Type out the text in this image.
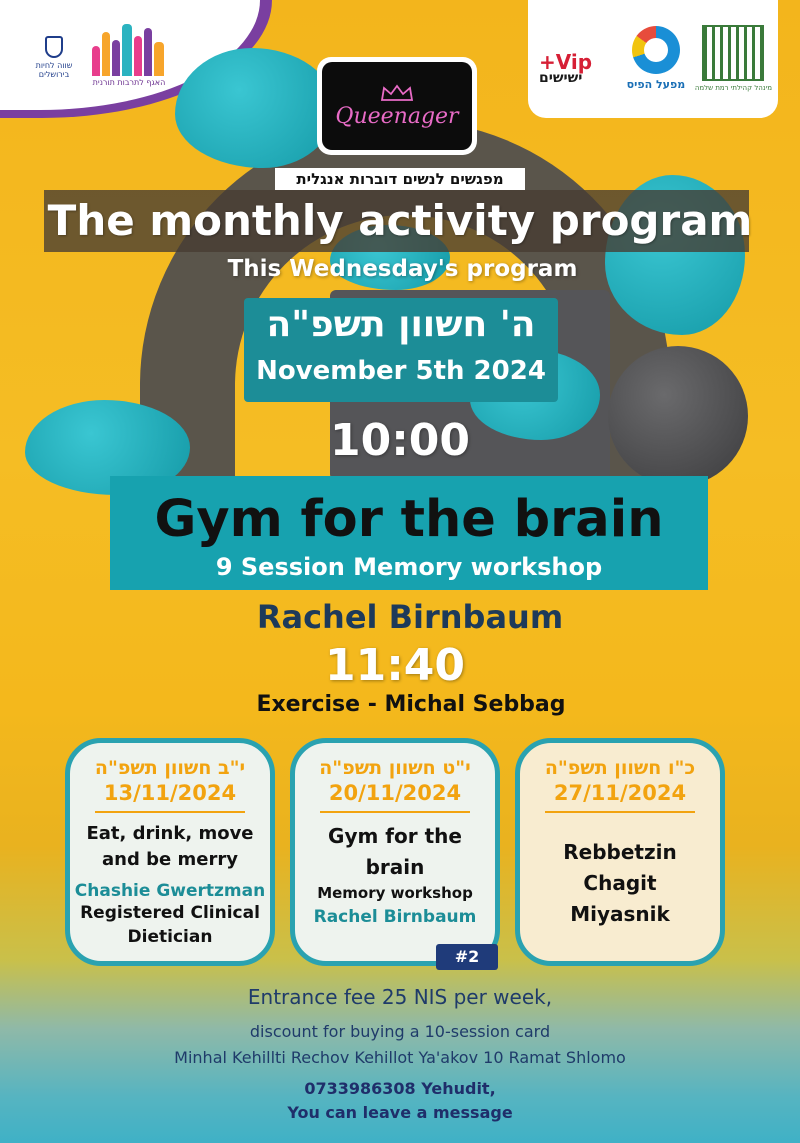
שווה לחיות בירושלים
האגף לתרבות תורנית
+Vip
ישישים	מפעל הפיס מינהל קהילתי רמת שלמה
Queenager
מפגשים לנשים דוברות אנגלית
The monthly activity program
This Wednesday's program
ה' חשוון תשפ"ה
November 5th 2024
10:00
Gym for the brain
9 Session Memory workshop
Rachel Birnbaum
11:40
Exercise - Michal Sebbag
י"ב חשוון תשפ"ה
13/11/2024
Eat, drink, move
and be merry
Chashie Gwertzman
Registered Clinical
Dietician
י"ט חשוון תשפ"ה
20/11/2024
Gym for the
brain
Memory workshop
Rachel Birnbaum
#2
כ"ו חשוון תשפ"ה
27/11/2024
Rebbetzin
Chagit
Miyasnik
Entrance fee 25 NIS per week,
discount for buying a 10-session card
Minhal Kehillti Rechov Kehillot Ya'akov 10 Ramat Shlomo
0733986308 Yehudit,
You can leave a message
